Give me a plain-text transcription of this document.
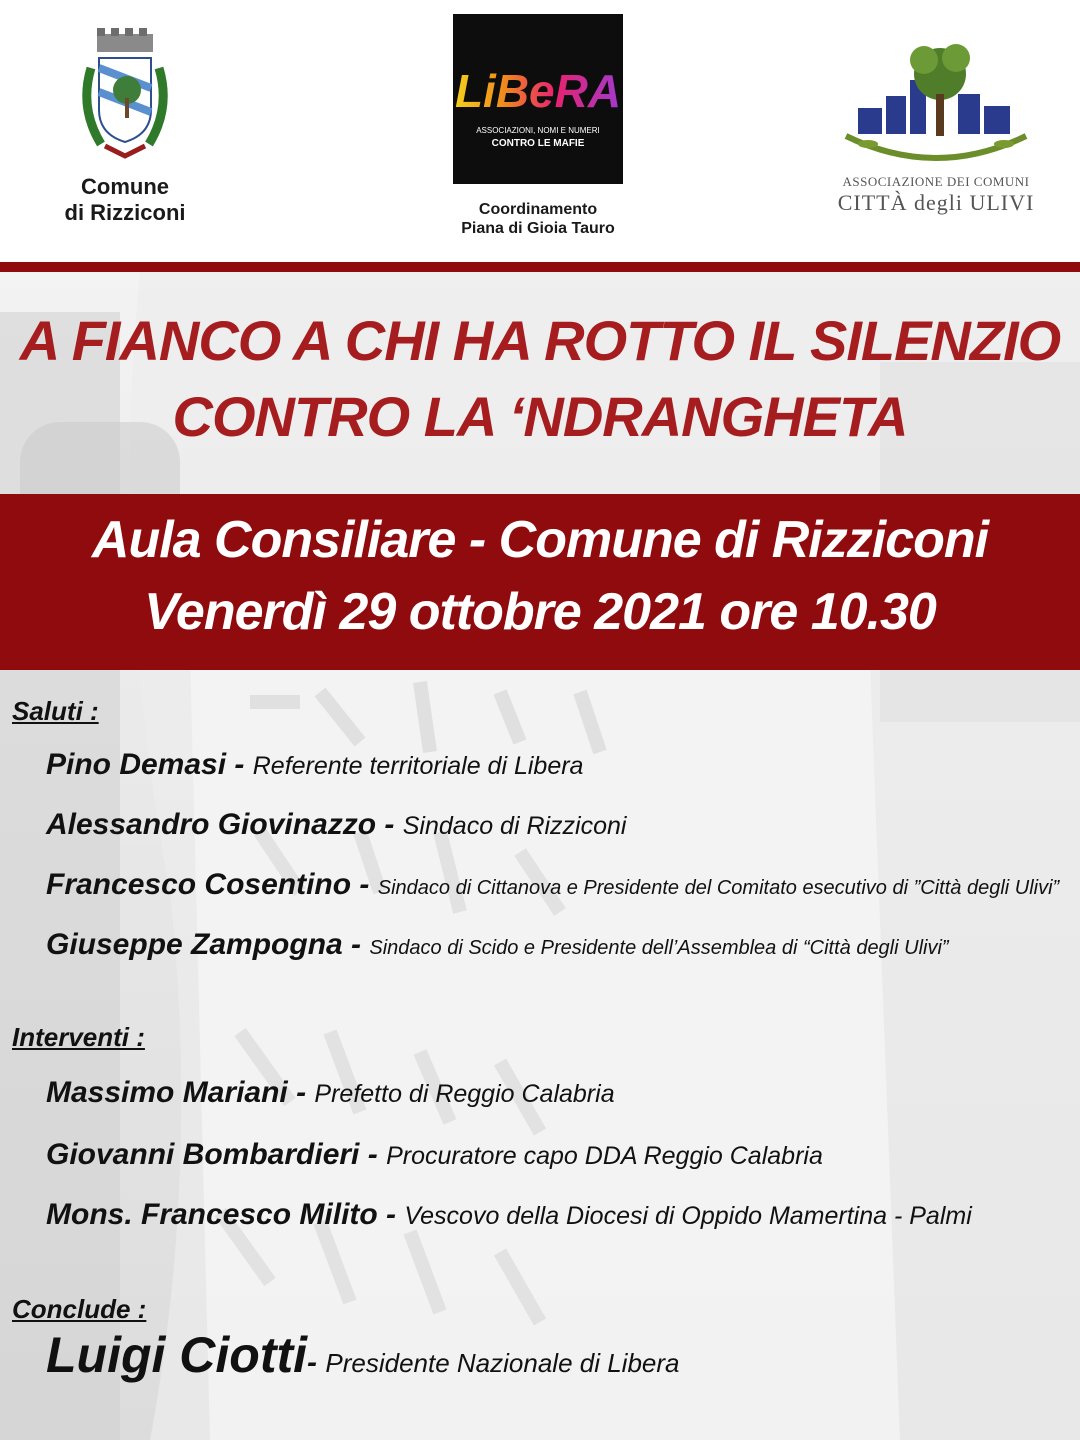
Comune
di Rizziconi
LiBeRA
ASSOCIAZIONI, NOMI E NUMERI
CONTRO LE MAFIE
Coordinamento
Piana di Gioia Tauro
ASSOCIAZIONE DEI COMUNI
CITTÀ degli ULIVI
A FIANCO A CHI HA ROTTO IL SILENZIO
CONTRO LA ‘NDRANGHETA
Aula Consiliare - Comune di Rizziconi
Venerdì 29 ottobre 2021 ore 10.30
Saluti :
Pino Demasi - Referente territoriale di Libera
Alessandro Giovinazzo - Sindaco di Rizziconi
Francesco Cosentino - Sindaco di Cittanova e Presidente del Comitato esecutivo di ”Città degli Ulivi”
Giuseppe Zampogna - Sindaco di Scido e Presidente dell’Assemblea di “Città degli Ulivi”
Interventi :
Massimo Mariani - Prefetto di Reggio Calabria
Giovanni Bombardieri - Procuratore capo DDA Reggio Calabria
Mons. Francesco Milito - Vescovo della Diocesi di Oppido Mamertina - Palmi
Conclude :
Luigi Ciotti- Presidente Nazionale di Libera
